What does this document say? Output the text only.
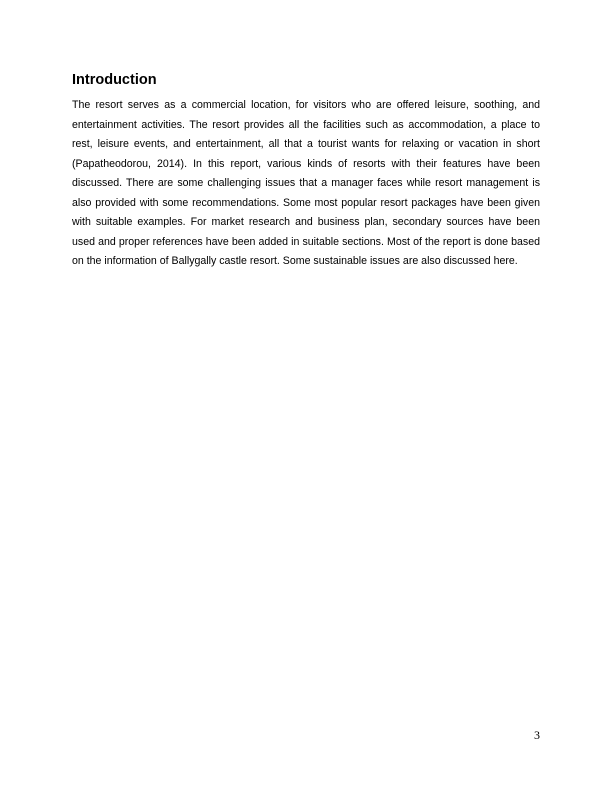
Introduction

The resort serves as a commercial location, for visitors who are offered leisure, soothing, and entertainment activities. The resort provides all the facilities such as accommodation, a place to rest, leisure events, and entertainment, all that a tourist wants for relaxing or vacation in short (Papatheodorou, 2014). In this report, various kinds of resorts with their features have been discussed. There are some challenging issues that a manager faces while resort management is also provided with some recommendations. Some most popular resort packages have been given with suitable examples. For market research and business plan, secondary sources have been used and proper references have been added in suitable sections. Most of the report is done based on the information of Ballygally castle resort. Some sustainable issues are also discussed here.

3
